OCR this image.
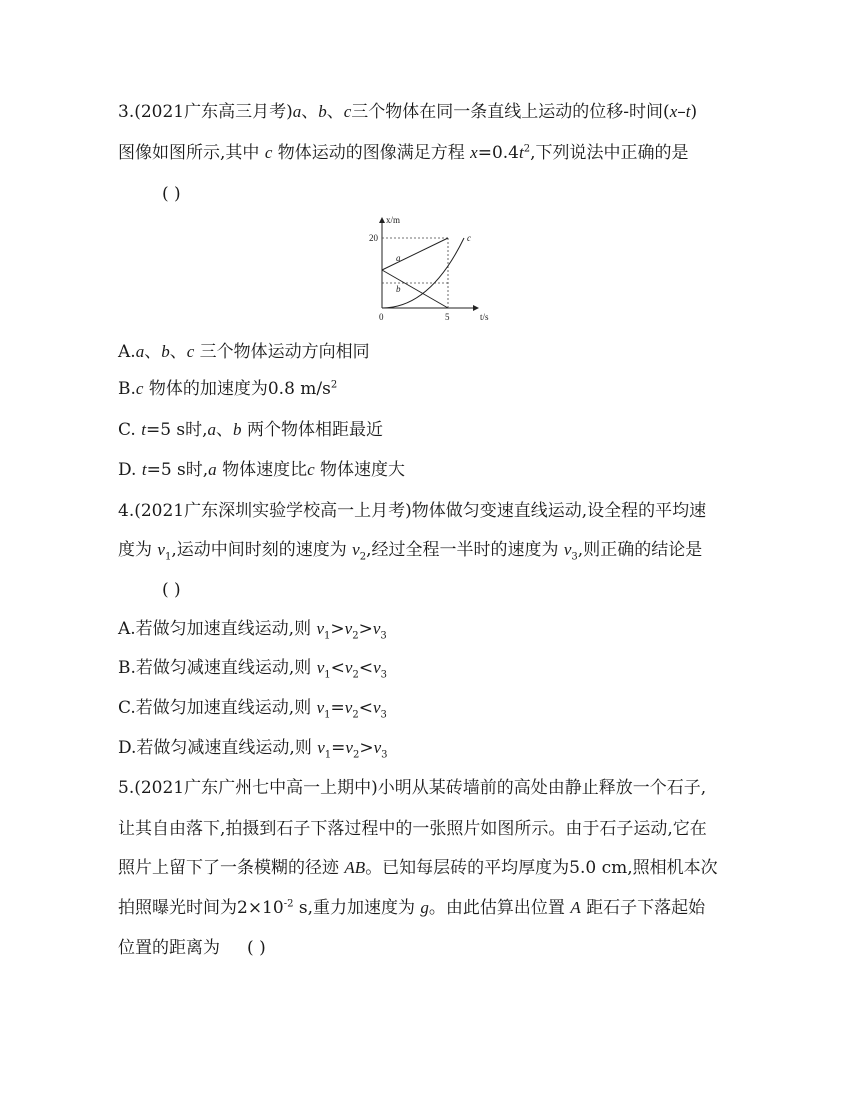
3.(2021广东高三月考)a、b、c三个物体在同一条直线上运动的位移-时间(x–t)
图像如图所示,其中 c 物体运动的图像满足方程 $x=0.4t^2$,下列说法中正确的是
( )
x/m
t/s
20
5
0
a
b
c
A.a、b、c 三个物体运动方向相同
B.c 物体的加速度为0.8 $m/s^2$
C. t=5 s时,a、b 两个物体相距最近
D. t=5 s时,a 物体速度比c 物体速度大
4.(2021广东深圳实验学校高一上月考)物体做匀变速直线运动,设全程的平均速
度为 $v_1$,运动中间时刻的速度为 $v_2$,经过全程一半时的速度为 $v_3$,则正确的结论是
( )
A.若做匀加速直线运动,则 $v_1>v_2>v_3$
B.若做匀减速直线运动,则 $v_1<v_2<v_3$
C.若做匀加速直线运动,则 $v_1=v_2<v_3$
D.若做匀减速直线运动,则 $v_1=v_2>v_3$
5.(2021广东广州七中高一上期中)小明从某砖墙前的高处由静止释放一个石子,
让其自由落下,拍摄到石子下落过程中的一张照片如图所示。由于石子运动,它在
照片上留下了一条模糊的径迹 AB。已知每层砖的平均厚度为5.0 cm,照相机本次
拍照曝光时间为$2\times 10^{-2}$ s,重力加速度为 g。由此估算出位置 A 距石子下落起始
位置的距离为 ( )
